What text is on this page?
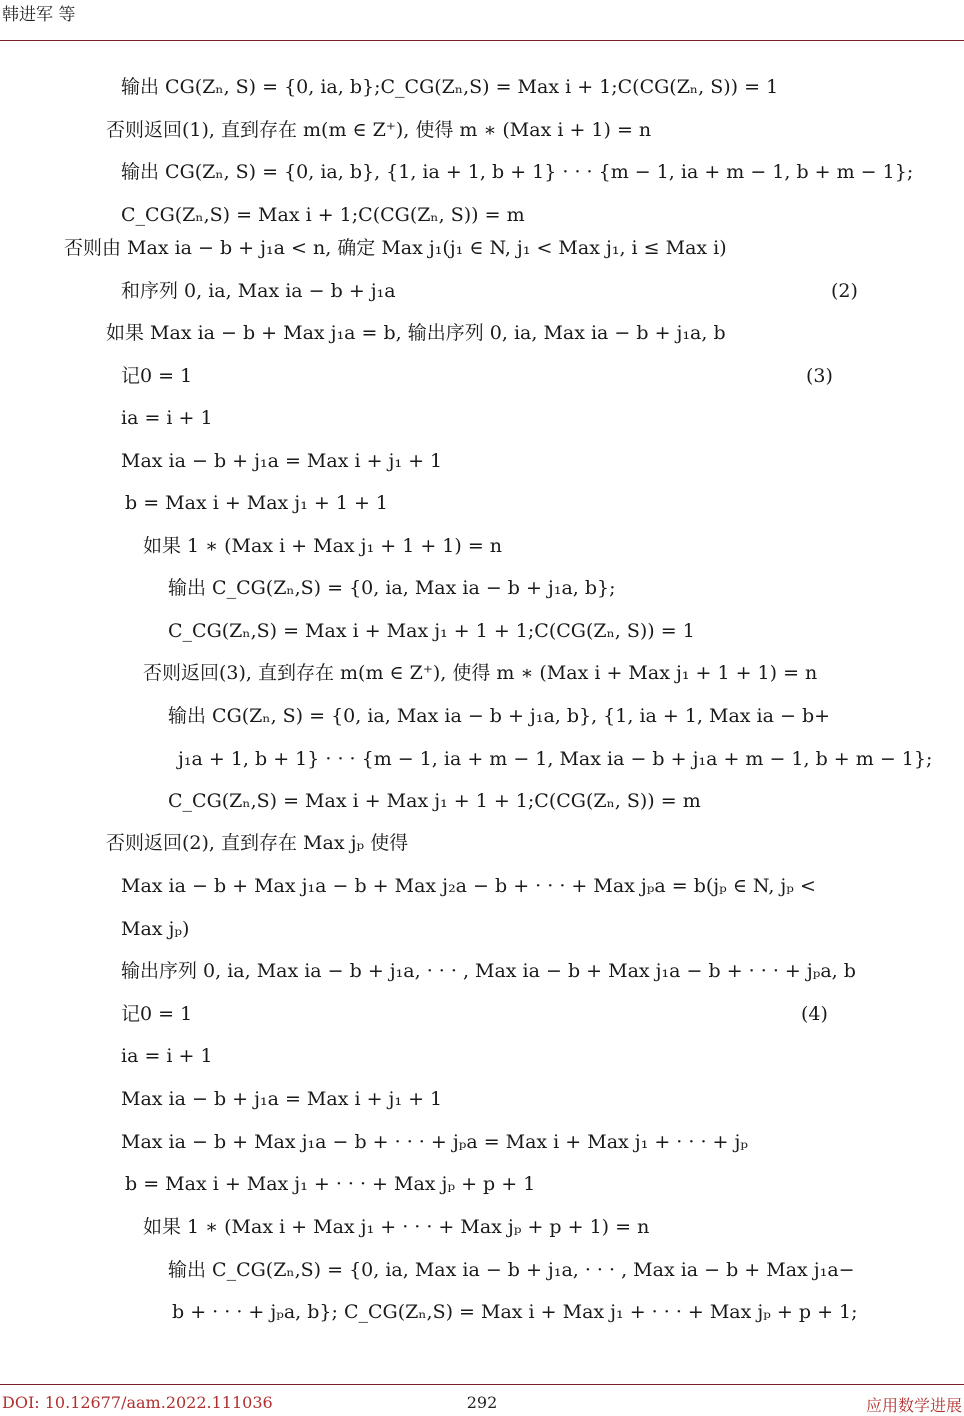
韩进军 等
输出 CG(Zₙ, S) = {0, ia, b};C_CG(Zₙ,S) = Max i + 1;C(CG(Zₙ, S)) = 1
否则返回(1), 直到存在 m(m ∈ Z⁺), 使得 m ∗ (Max i + 1) = n
输出 CG(Zₙ, S) = {0, ia, b}, {1, ia + 1, b + 1} · · · {m − 1, ia + m − 1, b + m − 1};
C_CG(Zₙ,S) = Max i + 1;C(CG(Zₙ, S)) = m
否则由 Max ia − b + j₁a < n, 确定 Max j₁(j₁ ∈ N, j₁ < Max j₁, i ≤ Max i)
和序列 0, ia, Max ia − b + j₁a	(2)
如果 Max ia − b + Max j₁a = b, 输出序列 0, ia, Max ia − b + j₁a, b
记0 = 1	(3)
ia = i + 1
Max ia − b + j₁a = Max i + j₁ + 1
b = Max i + Max j₁ + 1 + 1
如果 1 ∗ (Max i + Max j₁ + 1 + 1) = n
输出 C_CG(Zₙ,S) = {0, ia, Max ia − b + j₁a, b};
C_CG(Zₙ,S) = Max i + Max j₁ + 1 + 1;C(CG(Zₙ, S)) = 1
否则返回(3), 直到存在 m(m ∈ Z⁺), 使得 m ∗ (Max i + Max j₁ + 1 + 1) = n
输出 CG(Zₙ, S) = {0, ia, Max ia − b + j₁a, b}, {1, ia + 1, Max ia − b+
j₁a + 1, b + 1} · · · {m − 1, ia + m − 1, Max ia − b + j₁a + m − 1, b + m − 1};
C_CG(Zₙ,S) = Max i + Max j₁ + 1 + 1;C(CG(Zₙ, S)) = m
否则返回(2), 直到存在 Max jₚ 使得
Max ia − b + Max j₁a − b + Max j₂a − b + · · · + Max jₚa = b(jₚ ∈ N, jₚ <
Max jₚ)
输出序列 0, ia, Max ia − b + j₁a, · · · , Max ia − b + Max j₁a − b + · · · + jₚa, b
记0 = 1	(4)
ia = i + 1
Max ia − b + j₁a = Max i + j₁ + 1
Max ia − b + Max j₁a − b + · · · + jₚa = Max i + Max j₁ + · · · + jₚ
b = Max i + Max j₁ + · · · + Max jₚ + p + 1
如果 1 ∗ (Max i + Max j₁ + · · · + Max jₚ + p + 1) = n
输出 C_CG(Zₙ,S) = {0, ia, Max ia − b + j₁a, · · · , Max ia − b + Max j₁a−
b + · · · + jₚa, b}; C_CG(Zₙ,S) = Max i + Max j₁ + · · · + Max jₚ + p + 1;
DOI: 10.12677/aam.2022.111036	292	应用数学进展
